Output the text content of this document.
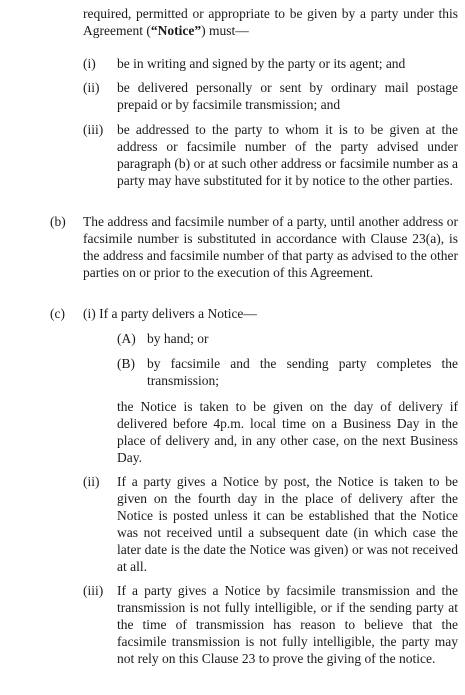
required, permitted or appropriate to be given by a party under this Agreement (“Notice”) must—
(i) be in writing and signed by the party or its agent; and
(ii) be delivered personally or sent by ordinary mail postage prepaid or by facsimile transmission; and
(iii) be addressed to the party to whom it is to be given at the address or facsimile number of the party advised under paragraph (b) or at such other address or facsimile number as a party may have substituted for it by notice to the other parties.
(b) The address and facsimile number of a party, until another address or facsimile number is substituted in accordance with Clause 23(a), is the address and facsimile number of that party as advised to the other parties on or prior to the execution of this Agreement.
(c) (i) If a party delivers a Notice—
(A) by hand; or
(B) by facsimile and the sending party completes the transmission;
the Notice is taken to be given on the day of delivery if delivered before 4p.m. local time on a Business Day in the place of delivery and, in any other case, on the next Business Day.
(ii) If a party gives a Notice by post, the Notice is taken to be given on the fourth day in the place of delivery after the Notice is posted unless it can be established that the Notice was not received until a subsequent date (in which case the later date is the date the Notice was given) or was not received at all.
(iii) If a party gives a Notice by facsimile transmission and the transmission is not fully intelligible, or if the sending party at the time of transmission has reason to believe that the facsimile transmission is not fully intelligible, the party may not rely on this Clause 23 to prove the giving of the notice.
